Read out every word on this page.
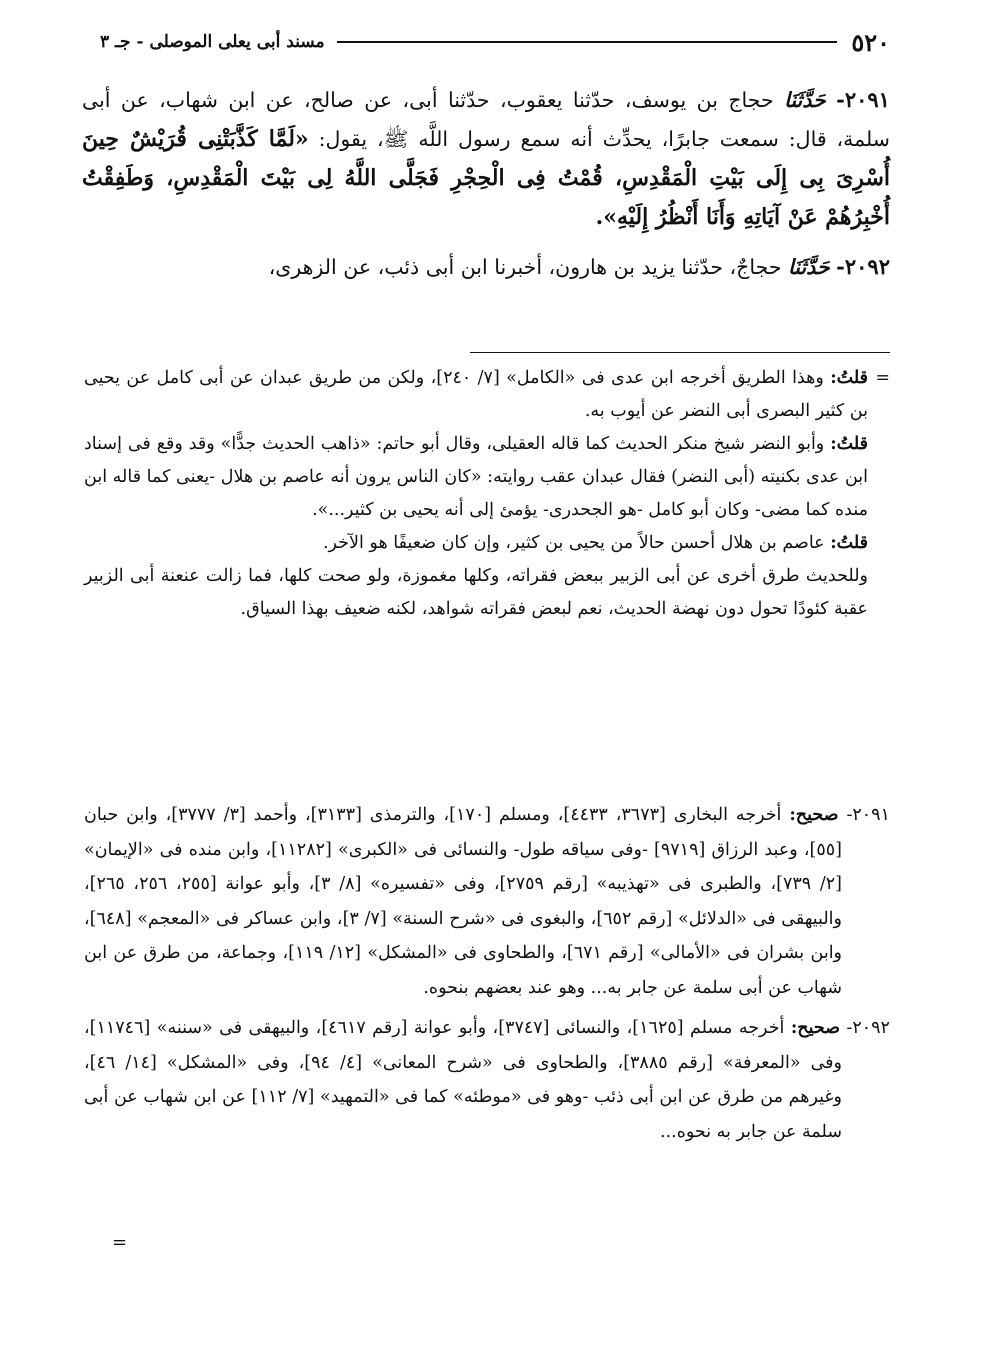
٥٢٠
مسند أبى يعلى الموصلى - جـ ٣

٢٠٩١- حَدَّثَنَا حجاج بن يوسف، حدّثنا يعقوب، حدّثنا أبى، عن صالح، عن ابن شهاب، عن أبى سلمة، قال: سمعت جابرًا، يحدِّث أنه سمع رسول اللَّه ﷺ، يقول: «لَمَّا كَذَّبَتْنِى قُرَيْشٌ حِينَ أُسْرِىَ بِى إِلَى بَيْتِ الْمَقْدِسِ، قُمْتُ فِى الْحِجْرِ فَجَلَّى اللَّهُ لِى بَيْتَ الْمَقْدِسِ، وَطَفِقْتُ أُخْبِرُهُمْ عَنْ آيَاتِهِ وَأَنَا أَنْظُرُ إِلَيْهِ».

٢٠٩٢- حَدَّثَنَا حجاجٌ، حدّثنا يزيد بن هارون، أخبرنا ابن أبى ذئب، عن الزهرى،

=
قلتُ: وهذا الطريق أخرجه ابن عدى فى «الكامل» [٧/ ٢٤٠]، ولكن من طريق عبدان عن أبى كامل عن يحيى بن كثير البصرى أبى النضر عن أيوب به.

قلتُ: وأبو النضر شيخ منكر الحديث كما قاله العقيلى، وقال أبو حاتم: «ذاهب الحديث جدًّا» وقد وقع فى إسناد ابن عدى بكنيته (أبى النضر) فقال عبدان عقب روايته: «كان الناس يرون أنه عاصم بن هلال -يعنى كما قاله ابن منده كما مضى- وكان أبو كامل -هو الجحدرى- يؤمئ إلى أنه يحيى بن كثير...».

قلتُ: عاصم بن هلال أحسن حالاً من يحيى بن كثير، وإن كان ضعيفًا هو الآخر.

وللحديث طرق أخرى عن أبى الزبير ببعض فقراته، وكلها مغموزة، ولو صحت كلها، فما زالت عنعنة أبى الزبير عقبة كئودًا تحول دون نهضة الحديث، نعم لبعض فقراته شواهد، لكنه ضعيف بهذا السياق.

٢٠٩١- صحيح: أخرجه البخارى [٣٦٧٣، ٤٤٣٣]، ومسلم [١٧٠]، والترمذى [٣١٣٣]، وأحمد [٣/ ٣٧٧٧]، وابن حبان [٥٥]، وعبد الرزاق [٩٧١٩] -وفى سياقه طول- والنسائى فى «الكبرى» [١١٢٨٢]، وابن منده فى «الإيمان» [٢/ ٧٣٩]، والطبرى فى «تهذيبه» [رقم ٢٧٥٩]، وفى «تفسيره» [٨/ ٣]، وأبو عوانة [٢٥٥، ٢٥٦، ٢٦٥]، والبيهقى فى «الدلائل» [رقم ٦٥٢]، والبغوى فى «شرح السنة» [٧/ ٣]، وابن عساكر فى «المعجم» [٦٤٨]، وابن بشران فى «الأمالى» [رقم ٦٧١]، والطحاوى فى «المشكل» [١٢/ ١١٩]، وجماعة، من طرق عن ابن شهاب عن أبى سلمة عن جابر به... وهو عند بعضهم بنحوه.

٢٠٩٢- صحيح: أخرجه مسلم [١٦٢٥]، والنسائى [٣٧٤٧]، وأبو عوانة [رقم ٤٦١٧]، والبيهقى فى «سننه» [١١٧٤٦]، وفى «المعرفة» [رقم ٣٨٨٥]، والطحاوى فى «شرح المعانى» [٤/ ٩٤]، وفى «المشكل» [١٤/ ٤٦]، وغيرهم من طرق عن ابن أبى ذئب -وهو فى «موطئه» كما فى «التمهيد» [٧/ ١١٢] عن ابن شهاب عن أبى سلمة عن جابر به نحوه...

=
